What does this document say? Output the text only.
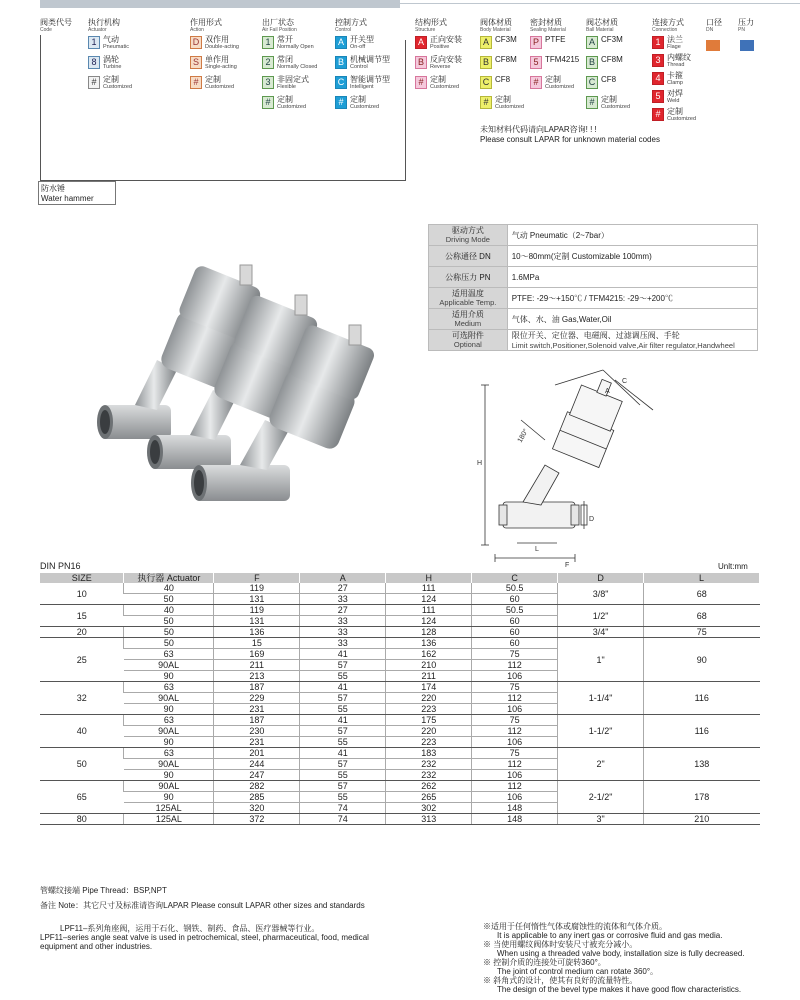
阀类代号
Code
执行机构
Actuator
作用形式
Action
出厂状态
Air Fail Position
控制方式
Control
结构形式
Structure
阀体材质
Body Material
密封材质
Sealing Material
阀芯材质
Ball Material
连接方式
Connection
口径
DN
压力
PN
1 气动
Pneumatic
8 涡轮
Turbine
# 定制
Customized
D 双作用
Double-acting
S 单作用
Single-acting
# 定制
Customized
1 常开
Normally Open
2 常闭
Normally Closed
3 非固定式
Flexible
# 定制
Customized
A 开关型
On-off
B 机械调节型
Control
C 智能调节型
Intelligent
# 定制
Customized
A 正向安装
Positive
B 反向安装
Reverse
# 定制
Customized
A CF3M
B CF8M
C CF8
# 定制
Customized
P PTFE
5 TFM4215
# 定制
Customized
A CF3M
B CF8M
C CF8
# 定制
Customized
1 法兰
Flage
3 内螺纹
Thread
4 卡箍
Clamp
5 对焊
Weld
# 定制
Customized
防水锤
Water hammer
未知材料代码请向LAPAR咨询! ! !
Please consult LAPAR for unknown material codes
驱动方式
Driving Mode	气动 Pneumatic（2~7bar）
公称通径 DN	10～80mm(定制 Customizable 100mm)
公称压力 PN	1.6MPa
适用温度
Applicable Temp.	PTFE: -29～+150℃ / TFM4215: -29～+200℃
适用介质
Medium	气体、水、油 Gas,Water,Oil
可选附件
Optional	限位开关、定位器、电磁阀、过滤调压阀、手轮
Limit switch,Positioner,Solenoid valve,Air filter regulator,Handwheel
C
A
H
D
L
F
180°
DIN PN16	Unlt:mm
SIZE	执行器 Actuator	F	A	H	C	D	L
10	40	119	27	111	50.5	3/8"	68
	50	131	33	124	60		
15	40	119	27	111	50.5	1/2"	68
	50	131	33	124	60		
20	50	136	33	128	60	3/4"	75
25	50	15	33	136	60	1"	90
	63	169	41	162	75		
	90AL	211	57	210	112		
	90	213	55	211	106		
32	63	187	41	174	75	1-1/4"	116
	90AL	229	57	220	112		
	90	231	55	223	106		
40	63	187	41	175	75	1-1/2"	116
	90AL	230	57	220	112		
	90	231	55	223	106		
50	63	201	41	183	75	2"	138
	90AL	244	57	232	112		
	90	247	55	232	106		
65	90AL	282	57	262	112	2-1/2"	178
	90	285	55	265	106		
	125AL	320	74	302	148		
80	125AL	372	74	313	148	3"	210
管螺纹接端 Pipe Thread：BSP,NPT
备注 Note：其它尺寸及标准请咨询LAPAR Please consult LAPAR other sizes and standards
LPF11–系列角座阀，运用于石化、钢铁、制药、食品、医疗器械等行业。
LPF11–series angle seat valve is used in petrochemical, steel, pharmaceutical, food, medical equipment and other industries.
※适用于任何惰性气体或腐蚀性的流体和气体介质。
It is applicable to any inert gas or corrosive fluid and gas media.
※ 当使用螺纹阀体时安装尺寸被充分减小。
When using a threaded valve body, installation size is fully decreased.
※ 控制介质的连接处可旋转360°。
The joint of control medium can rotate 360°。
※ 斜角式的设计，使其有良好的流量特性。
The design of the bevel type makes it have good flow characteristics.
